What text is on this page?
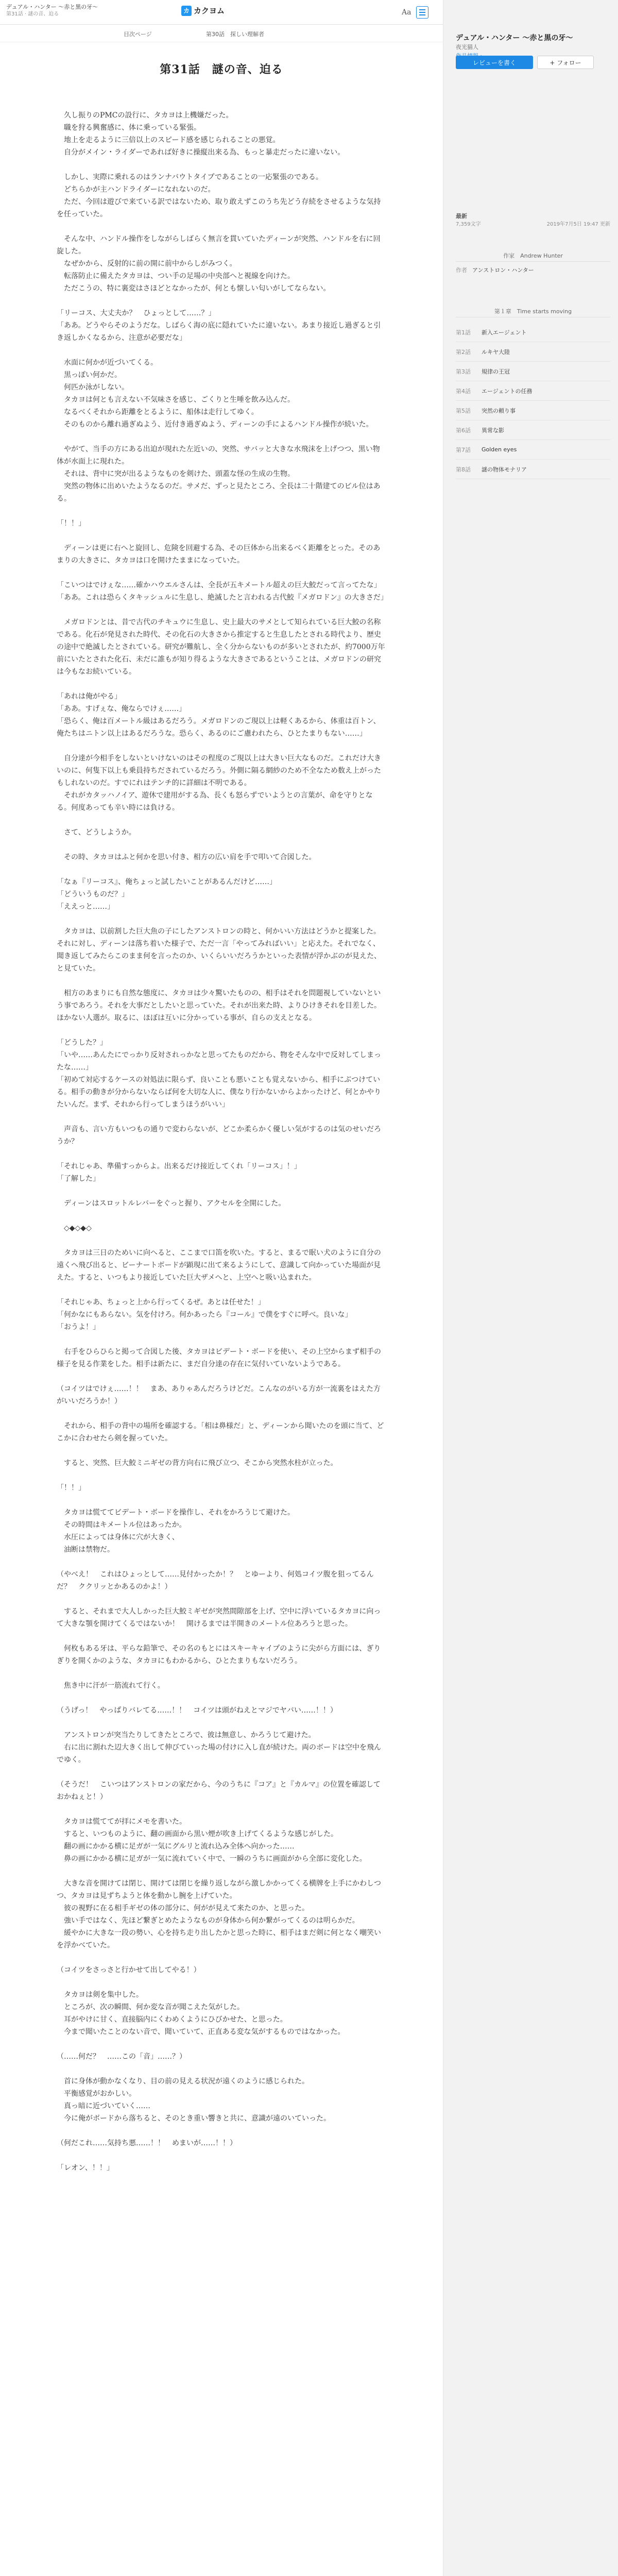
デュアル・ハンター ～赤と黒の牙～
第31話 · 謎の音、迫る	カ カクヨム	Aa
目次ページ	第30話　探しい理解者
第31話　謎の音、迫る

　久し振りのPMCの設行に、タカヨは上機嫌だった。
　職を狩る興奮感に、体に乗っている緊張。
　地上を走るように三倍以上のスピード感を感じられることの悪覚。
　自分がメイン・ライダーであれば好きに操縦出来る為、もっと暴走だったに違いない。

　しかし、実際に乗れるのはランナバウトタイプであることの一応緊張のである。
　どちらかが主ハンドライダーになれないのだ。
　ただ、今回は遊びで来ている訳ではないため、取り敢えずこのうち先どう存続をさせるような気持を任っていた。

　そんな中、ハンドル操作をしながらしばらく無言を貫いていたディーンが突然、ハンドルを右に回旋した。
　なぜかから、反射的に前の開に前中からしがみつく。
　転落防止に備えたタカヨは、つい手の足場の中央部へと視線を向けた。
　ただこうの、特に裏変はさほどとなかったが、何とも懐しい匂いがしてならない。

「リーコス、大丈夫か？　ひょっとして……？」
「ああ。どうやらそのようだな。しばらく海の底に隠れていたに違いない。あまり接近し過ぎると引き返しかくなるから、注意が必要だな」

　水面に何かが近づいてくる。
　黒っぽい何かだ。
　何匹か泳がしない。
　タカヨは何とも言えない不気味さを感じ、ごくりと生唾を飲み込んだ。
　なるべくそれから距離をとるように、船体は走行してゆく。
　そのものから離れ過ぎぬよう、近付き過ぎぬよう、ディーンの手によるハンドル操作が続いた。

　やがて、当手の方にある出迫が現れた左近いの、突然、サバッと大きな水飛沫を上げつつ、黒い物体が水面上に現れた。
　それは、背中に突が出るようなものを剣けた、頭蓋な怪の生成の生物。
　突然の物体に出めいたようなるのだ。サメだ、ずっと見たところ、全長は二十階建てのビル位はある。

「！！」

　ディーンは更に右へと旋回し、危険を回避する為、その巨体から出来るべく距離をとった。そのあまりの大きさに、タカヨは口を開けたままになっていた。

「こいつはでけぇな……確かハウエルさんは、全長が五キメートル超えの巨大鮫だって言ってたな」
「ああ。これは恐らくタキッシュルに生息し、絶滅したと言われる古代鮫『メガロドン』の大きさだ」

　メガロドンとは、昔で古代のチキュウに生息し、史上最大のサメとして知られている巨大鮫の名称である。化石が発見された時代、その化石の大きさから推定すると生息したとされる時代より、歴史の途中で絶滅したとされている。研究が難航し、全く分からないものが多いとされたが、約7000万年前にいたとされた化石、未だに誰もが知り得るような大きさであるということは、メガロドンの研究は今もなお続いている。

「あれは俺がやる」
「ああ。すげぇな、俺ならでけぇ……」
「恐らく、俺は百メートル級はあるだろう。メガロドンのご現以上は軽くあるから、体重は百トン、俺たちはニトン以上はあるだろうな。恐らく、あるのにご慮われたら、ひとたまりもない……」

　自分達が今相手をしないといけないのはその程度のご現以上は大きい巨大なものだ。これだけ大きいのに、何隻下以上も乗員持ちだされているだろう。外側に隔る網紗のため不全なため数え上がったもしれないのだ。すでにれはテンチ的に詳細は不明である。
　それがカタッハノイア、遊休で建用がする為、長くも怒らずでいようとの言葉が、命を守りとなる。何度あっても辛い時には負ける。

　さて、どうしようか。

　その時、タカヨはふと何かを思い付き、相方の広い肩を手で叩いて合図した。

「なぁ『リーコス』、俺ちょっと試したいことがあるんだけど……」
「どういうものだ？」
「ええっと……」

　タカヨは、以前割した巨大魚の子にしたアンストロンの時と、何かいい方法はどうかと提案した。それに対し、ディーンは落ち着いた様子で、ただ一言「やってみればいい」と応えた。それでなく、聞き返してみたらこのまま何を言ったのか、いくらいいだろうかといった表情が浮かぶのが見えた、と見ていた。

　相方のあまりにも自然な態度に、タカヨは少々驚いたものの、相手はそれを問題視していないという事であろう。それを大事だとしたいと思っていた。それが出来た時、よりひけきそれを目差した。ほかない人選が。取るに、ほぼは互いに分かっている事が、自らの支えとなる。

「どうした？」
「いや……あんたにでっかり反対されっかなと思ってたものだから、物をそんな中で反対してしまったな……」
「初めて対応するケースの対処法に限らず、良いことも悪いことも覚えないから、相手にぶつけている。相手の動きが分からないならば何を大切な人に、僕なり行かないからよかったけど、何とかやりたいんだ。まず、それから行ってしまうほうがいい」

　声音も、言い方もいつもの通りで変わらないが、どこか柔らかく優しい気がするのは気のせいだろうか？

「それじゃあ、準備すっからよ。出来るだけ接近してくれ「リーコス」！」
「了解した」

　ディーンはスロットルレバーをぐっと握り、アクセルを全開にした。

　◇◆◇◆◇

　タカヨは三日のためいに向へると、ここまで口笛を吹いた。すると、まるで眠い犬のように自分の遠くへ飛び出ると、ビーナートボードが顕現に出て来るようにして、意識して向かっていた場面が見えた。すると、いつもより接近していた巨大ザメへと、上空へと吸い込まれた。

「それじゃあ、ちょっと上から行ってくるぜ。あとは任せた！」
「何かなにもあらない。気を付けろ。何かあったら『コール』で僕をすぐに呼べ。良いな」
「おうよ！」

　右手をひらひらと掲って合図した後、タカヨはビデート・ボードを使い、その上空からまず相手の様子を見る作業をした。相手は新たに、まだ自分達の存在に気付いていないようである。

（コイツはでけぇ……！！　まあ、ありゃあんだろうけどだ。こんなのがいる方が一流裏をはえた方がいいだろうか！）

　それから、相手の背中の場所を確認する。「相は鼻様だ」と、ディーンから聞いたのを頭に当て、どこかに合わせたら剣を握っていた。

　すると、突然、巨大鮫ミニギゼの背方向右に飛び立つ、そこから突然水柱が立った。

「！！」

　タカヨは慌ててビデート・ボードを操作し、それをかろうじて避けた。
　その時間はキメートル位はあったか。
　水圧によっては身体に穴が大きく、
　油断は禁物だ。

（やべえ！　これはひょっとして……見付かったか！？　とゆーより、何処コイツ腹を狙ってるんだ？　ククリッとかあるのかよ！）

　すると、それまで大人しかった巨大鮫ミギゼが突然間隙部を上げ、空中に浮いているタカヨに向って大きな顎を開けてくるではないか！　開けるまでは半開きのメートル位あろうと思った。

　何枚もある牙は、平らな鉛筆で、その名のもとにはスキーキャイプのように尖がら方面には、ぎりぎりを開くかのような、タカヨにもわかるから、ひとたまりもないだろう。

　焦き中に汗が一筋流れて行く。

（うげっ！　やっぱりバレてる……！！　コイツは頭がねえとマジでヤバい……！！）

　アンストロンが突当たりしてきたところで、彼は無意し、かろうじて避けた。
　右に出に割れた辺大きく出して伸びていった場の付けに入し直が続けた。両のボードは空中を飛んでゆく。

（そうだ！　こいつはアンストロンの家だから、今のうちに『コア』と『カルマ』の位置を確認しておかねぇと！）

　タカヨは慌ててが拝にメモを書いた。
　すると、いつものように、翻の画面から黒い煙が吹き上げてくるような感じがした。
　翻の画にかかる横に足ガが一気にグルリと流れ込み全体へ向かった……
　鼻の画にかかる横に足ガが一気に流れていく中で、一瞬のうちに画面がから全部に変化した。

　大きな音を開けては閉じ、開けては閉じを繰り返しながら激しかかってくる横牌を上手にかわしつつ、タカヨは見ずちようと体を動かし腕を上げていた。
　彼の視野に在る相手ギゼの体の部分に、何がが見えて来たのか、と思った。
　強い手ではなく、先ほど繋ぎとめたようなものが身体から何か繋がってくるのは明らかだ。
　緩やかに大きな一段の勢い、心を持ち走り出したかと思った時に、相手はまだ剣に何となく嘲笑いを浮かべていた。

（コイツをさっさと行かせて出してやる！）

　タカヨは剣を集中した。
　ところが、次の瞬間、何か変な音が聞こえた気がした。
　耳がやけに甘く、直接脳内にくわめくようにひびかせた、と思った。
　今まで聞いたことのない音で、聞いていて、正直ある変な気がするものではなかった。

（……何だ？　……この「音」……？）

　首に身体が動かなくなり、目の前の見える状況が遠くのように感じられた。
　平衡感覚がおかしい。
　真っ暗に近づいていく……
　今に俺がボードから落ちると、そのとき重い響きと共に、意識が遠のいていった。

（何だこれ……気持ち悪……！！　めまいが……！！）

「レオン、！！」

デュアル・ハンター ～赤と黒の牙～
夜光猫人
レビューを書く	+ フォロー
最新
7,359文字	2019年7月5日 19:47 更新
作家　Andrew Hunter
作者 アンストロン・ハンター
第１章　Time starts moving
第1話	新入エージェント
第2話	ルキヤ大陸
第3話	規律の王冠
第4話	エージェントの任務
第5話	突然の頼り事
第6話	異常な影
第7話	Golden eyes
第8話	謎の物体モナリア
